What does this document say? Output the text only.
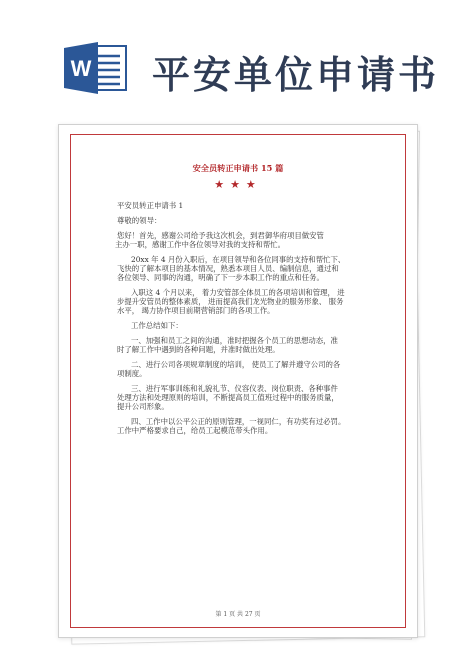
W 平安单位申请书
安全员转正申请书 15 篇
★★★

平安员转正申请书 1

尊敬的领导：

您好！首先，感谢公司给予我这次机会，到君御华府项目做安管

主办一职，感谢工作中各位领导对我的支持和帮忙。

20xx 年 4 月份入职后，在项目领导和各位同事的支持和帮忙下、

飞快的了解本项目的基本情况，熟悉本项目人员、编制信息，通过和

各位领导、同事的沟通，明确了下一步本职工作的重点和任务。

入职这 4 个月以来， 着力安管部全体员工的各项培训和管理， 进

步提升安管员的整体素质， 进而提高我们龙光物业的服务形象、 服务

水平， 竭力协作项目前期营销部门的各项工作。

工作总结如下：

一、加强和员工之间的沟通，准时把握各个员工的思想动态，准

时了解工作中遇到的各种问题，并准时做出处理。

二、进行公司各项规章制度的培训， 使员工了解并遵守公司的各

项制度。

三、进行军事训练和礼貌礼节、仪容仪表、岗位职责、各种事件

处理方法和处理原则的培训，不断提高员工值班过程中的服务质量，

提升公司形象。

四、工作中以公平公正的原则管理，一视同仁，有功奖有过必罚。

工作中严格要求自己，给员工起模范带头作用。

第 1 页 共 27 页
